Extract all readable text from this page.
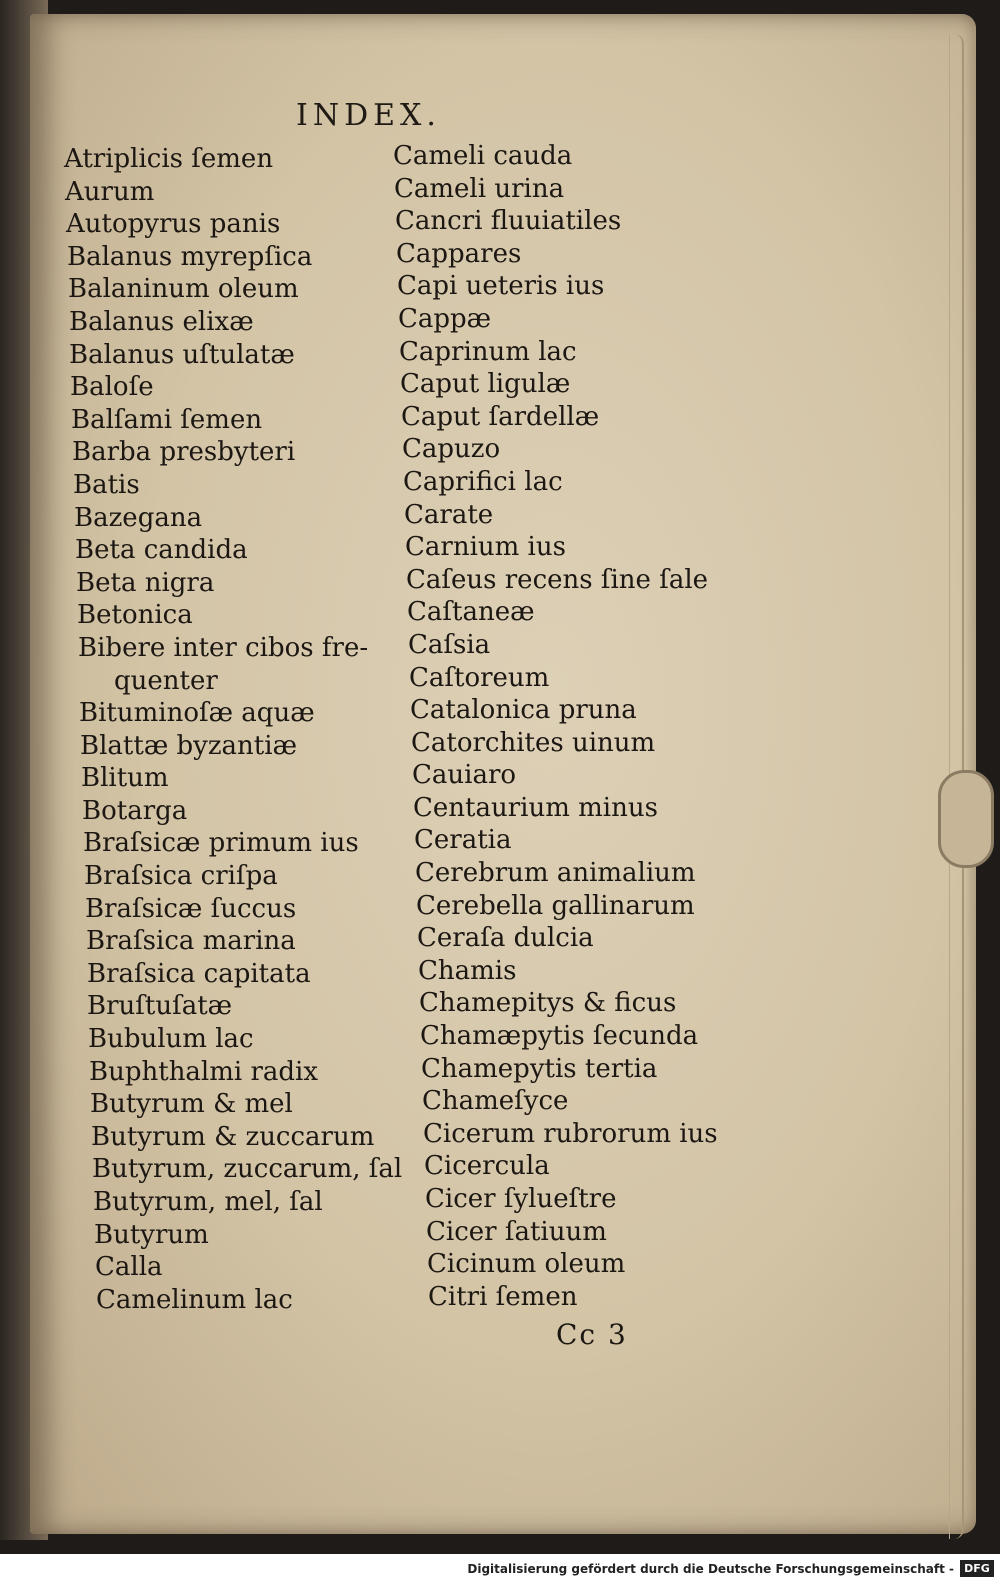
INDEX.
Atriplicis ſemen
Aurum
Autopyrus panis
Balanus myrepſica
Balaninum oleum
Balanus elixæ
Balanus uſtulatæ
Baloſe
Balſami ſemen
Barba presbyteri
Batis
Bazegana
Beta candida
Beta nigra
Betonica
Bibere inter cibos fre-
quenter
Bituminoſæ aquæ
Blattæ byzantiæ
Blitum
Botarga
Braſsicæ primum ius
Braſsica criſpa
Braſsicæ ſuccus
Braſsica marina
Braſsica capitata
Bruſtuſatæ
Bubulum lac
Buphthalmi radix
Butyrum & mel
Butyrum & zuccarum
Butyrum, zuccarum, ſal
Butyrum, mel, ſal
Butyrum
Calla
Camelinum lac
Cameli cauda
Cameli urina
Cancri fluuiatiles
Cappares
Capi ueteris ius
Cappæ
Caprinum lac
Caput ligulæ
Caput ſardellæ
Capuzo
Caprifici lac
Carate
Carnium ius
Caſeus recens ſine ſale
Caſtaneæ
Caſsia
Caſtoreum
Catalonica pruna
Catorchites uinum
Cauiaro
Centaurium minus
Ceratia
Cerebrum animalium
Cerebella gallinarum
Ceraſa dulcia
Chamis
Chamepitys & ficus
Chamæpytis ſecunda
Chamepytis tertia
Chameſyce
Cicerum rubrorum ius
Cicercula
Cicer ſylueſtre
Cicer ſatiuum
Cicinum oleum
Citri ſemen
Cc 3
Digitalisierung gefördert durch die Deutsche Forschungsgemeinschaft - DFG
